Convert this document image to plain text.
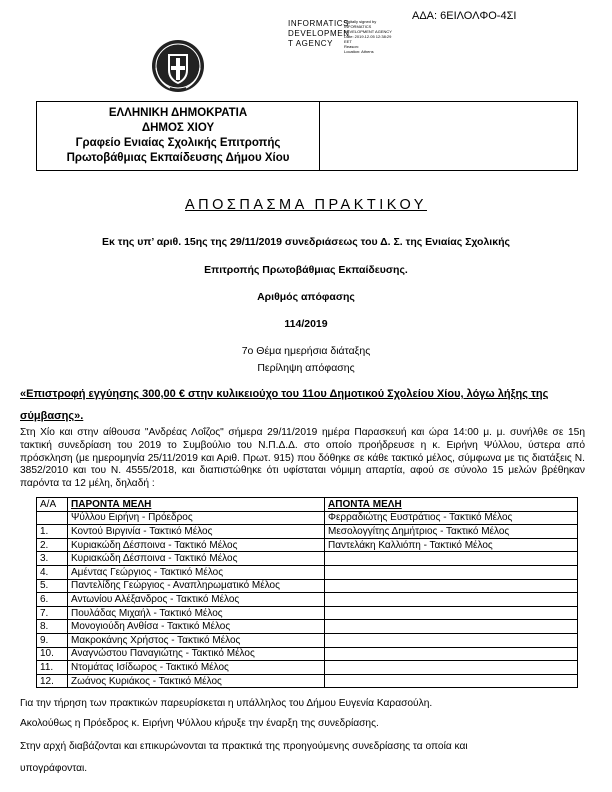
ΑΔΑ: 6ΕΙΛΟΛΦΟ-4ΣΙ
INFORMATICS
DEVELOPMEN
T AGENCY
Digitally signed by
INFORMATICS
DEVELOPMENT AGENCY
Date: 2019.12.05 12:38:29
EET
Reason:
Location: Athens
ΕΛΛΗΝΙΚΗ ΔΗΜΟΚΡΑΤΙΑ
ΔΗΜΟΣ ΧΙΟΥ
Γραφείο Ενιαίας Σχολικής Επιτροπής
Πρωτοβάθμιας Εκπαίδευσης Δήμου Χίου
ΑΠΟΣΠΑΣΜΑ ΠΡΑΚΤΙΚΟΥ
Εκ της υπ’ αριθ. 15ης της 29/11/2019 συνεδριάσεως του Δ. Σ. της Ενιαίας Σχολικής
Επιτροπής Πρωτοβάθμιας Εκπαίδευσης.
Αριθμός απόφασης
114/2019
7ο Θέμα ημερήσια διάταξης
Περίληψη απόφασης
«Επιστροφή εγγύησης 300,00 € στην κυλικειούχο του 11ου Δημοτικού Σχολείου Χίου, λόγω λήξης της σύμβασης».
Στη Χίο και στην αίθουσα "Ανδρέας Λοΐζος" σήμερα 29/11/2019 ημέρα Παρασκευή και ώρα 14:00 μ. μ. συνήλθε σε 15η τακτική συνεδρίαση του 2019 το Συμβούλιο του Ν.Π.Δ.Δ. στο οποίο προήδρευσε η κ. Ειρήνη Ψύλλου, ύστερα από πρόσκληση (με ημερομηνία 25/11/2019 και Αριθ. Πρωτ. 915) που δόθηκε σε κάθε τακτικό μέλος, σύμφωνα με τις διατάξεις Ν. 3852/2010 και του Ν. 4555/2018, και διαπιστώθηκε ότι υφίσταται νόμιμη απαρτία, αφού σε σύνολο 15 μελών βρέθηκαν παρόντα τα 12 μέλη, δηλαδή :
Α/Α	ΠΑΡΟΝΤΑ ΜΕΛΗ	ΑΠΟΝΤΑ ΜΕΛΗ
	Ψύλλου Ειρήνη - Πρόεδρος	Φερραδιώτης Ευστράτιος - Τακτικό Μέλος
1.	Κοντού Βιργινία - Τακτικό Μέλος	Μεσολογγίτης Δημήτριος - Τακτικό Μέλος
2.	Κυριακώδη Δέσποινα - Τακτικό Μέλος	Παντελάκη Καλλιόπη - Τακτικό Μέλος
3.	Κυριακώδη Δέσποινα - Τακτικό Μέλος	
4.	Αμέντας Γεώργιος - Τακτικό Μέλος	
5.	Παντελίδης Γεώργιος - Αναπληρωματικό Μέλος	
6.	Αντωνίου Αλέξανδρος - Τακτικό Μέλος	
7.	Πουλάδας Μιχαήλ - Τακτικό Μέλος	
8.	Μονογιούδη Ανθίσα - Τακτικό Μέλος	
9.	Μακροκάνης Χρήστος - Τακτικό Μέλος	
10.	Αναγνώστου Παναγιώτης - Τακτικό Μέλος	
11.	Ντομάτας Ισίδωρος - Τακτικό Μέλος	
12.	Ζωάνος Κυριάκος - Τακτικό Μέλος	
Για την τήρηση των πρακτικών παρευρίσκεται η υπάλληλος του Δήμου Ευγενία Καρασούλη.
Ακολούθως η Πρόεδρος κ. Ειρήνη Ψύλλου κήρυξε την έναρξη της συνεδρίασης.
Στην αρχή διαβάζονται και επικυρώνονται τα πρακτικά της προηγούμενης συνεδρίασης τα οποία και
υπογράφονται.
